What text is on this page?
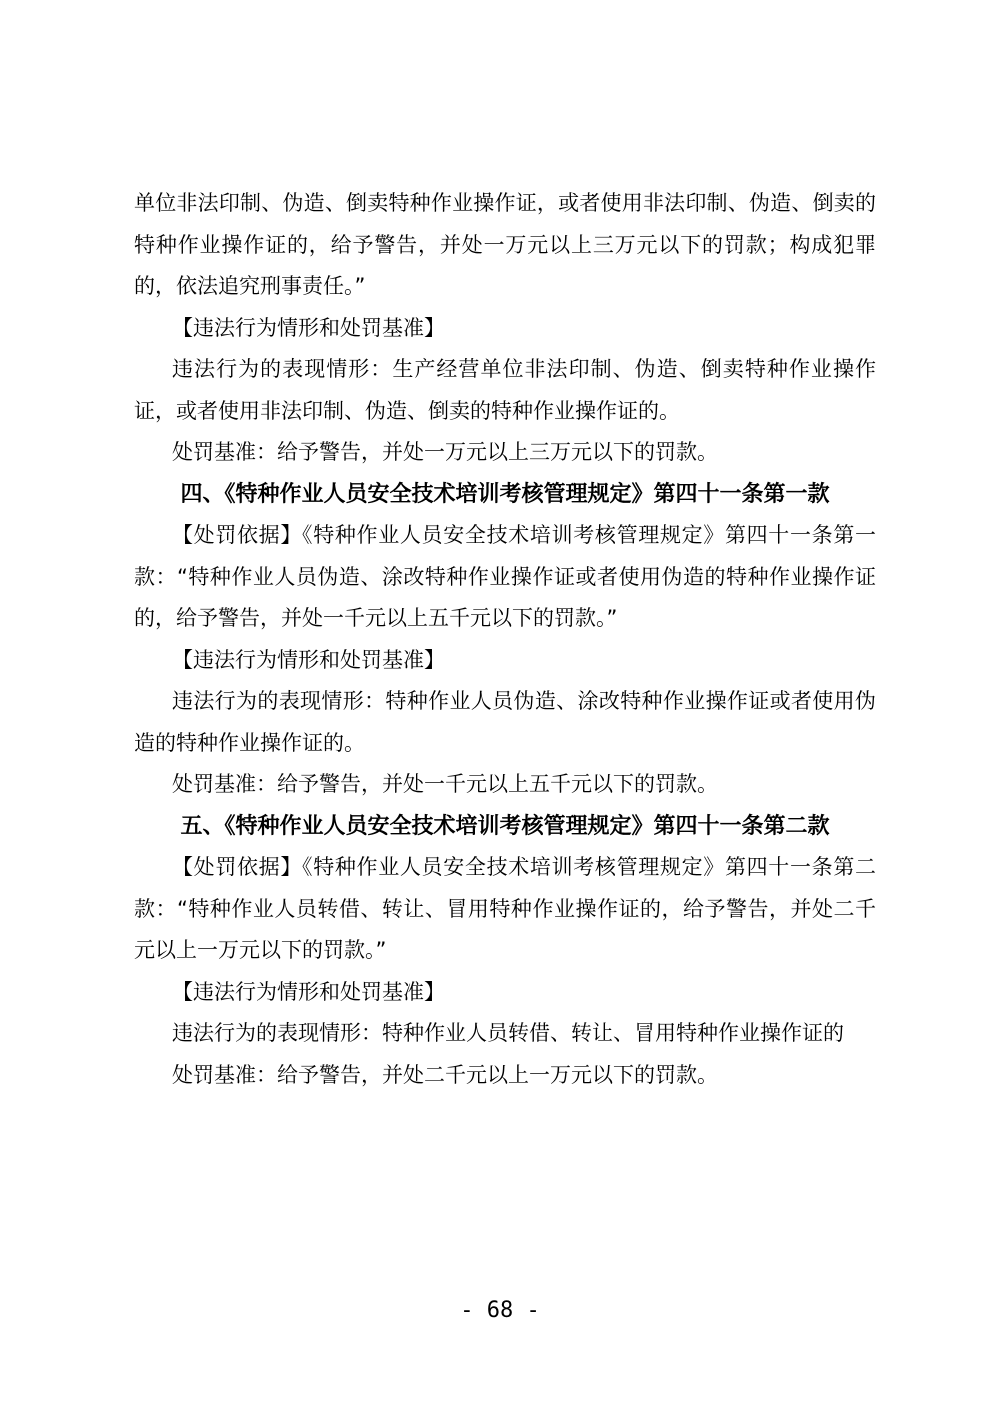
单位非法印制、伪造、倒卖特种作业操作证，或者使用非法印制、伪造、倒卖的特种作业操作证的，给予警告，并处一万元以上三万元以下的罚款；构成犯罪的，依法追究刑事责任。”

【违法行为情形和处罚基准】

违法行为的表现情形：生产经营单位非法印制、伪造、倒卖特种作业操作证，或者使用非法印制、伪造、倒卖的特种作业操作证的。

处罚基准：给予警告，并处一万元以上三万元以下的罚款。

四、《特种作业人员安全技术培训考核管理规定》第四十一条第一款

【处罚依据】《特种作业人员安全技术培训考核管理规定》第四十一条第一款：“特种作业人员伪造、涂改特种作业操作证或者使用伪造的特种作业操作证的，给予警告，并处一千元以上五千元以下的罚款。”

【违法行为情形和处罚基准】

违法行为的表现情形：特种作业人员伪造、涂改特种作业操作证或者使用伪造的特种作业操作证的。

处罚基准：给予警告，并处一千元以上五千元以下的罚款。

五、《特种作业人员安全技术培训考核管理规定》第四十一条第二款

【处罚依据】《特种作业人员安全技术培训考核管理规定》第四十一条第二款：“特种作业人员转借、转让、冒用特种作业操作证的，给予警告，并处二千元以上一万元以下的罚款。”

【违法行为情形和处罚基准】

违法行为的表现情形：特种作业人员转借、转让、冒用特种作业操作证的

处罚基准：给予警告，并处二千元以上一万元以下的罚款。

- 68 -
